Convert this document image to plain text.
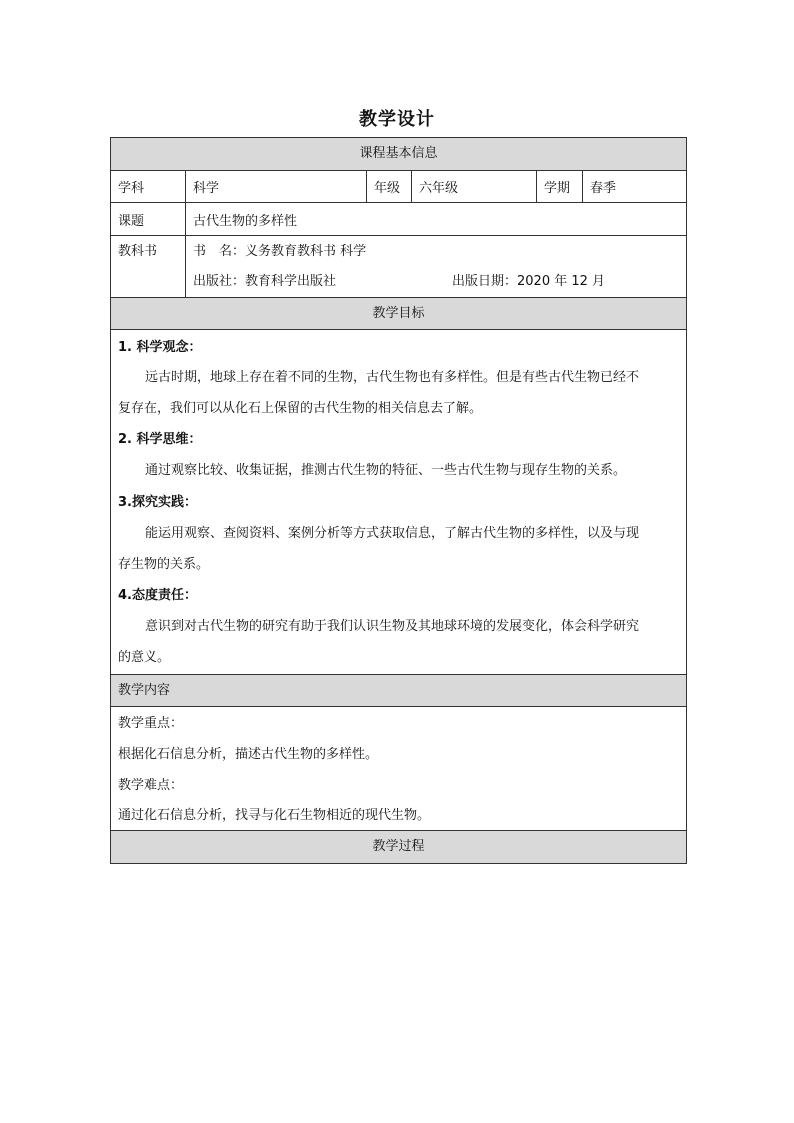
教学设计
课程基本信息
学科	科学	年级	六年级	学期	春季
课题	古代生物的多样性
教科书	书　名：义务教育教科书 科学
出版社：教育科学出版社	出版日期：2020 年 12 月
教学目标
1. 科学观念：
远古时期，地球上存在着不同的生物，古代生物也有多样性。但是有些古代生物已经不
复存在，我们可以从化石上保留的古代生物的相关信息去了解。
2. 科学思维：
通过观察比较、收集证据，推测古代生物的特征、一些古代生物与现存生物的关系。
3.探究实践：
能运用观察、查阅资料、案例分析等方式获取信息，了解古代生物的多样性，以及与现
存生物的关系。
4.态度责任：
意识到对古代生物的研究有助于我们认识生物及其地球环境的发展变化，体会科学研究
的意义。
教学内容
教学重点：
根据化石信息分析，描述古代生物的多样性。
教学难点：
通过化石信息分析，找寻与化石生物相近的现代生物。
教学过程
